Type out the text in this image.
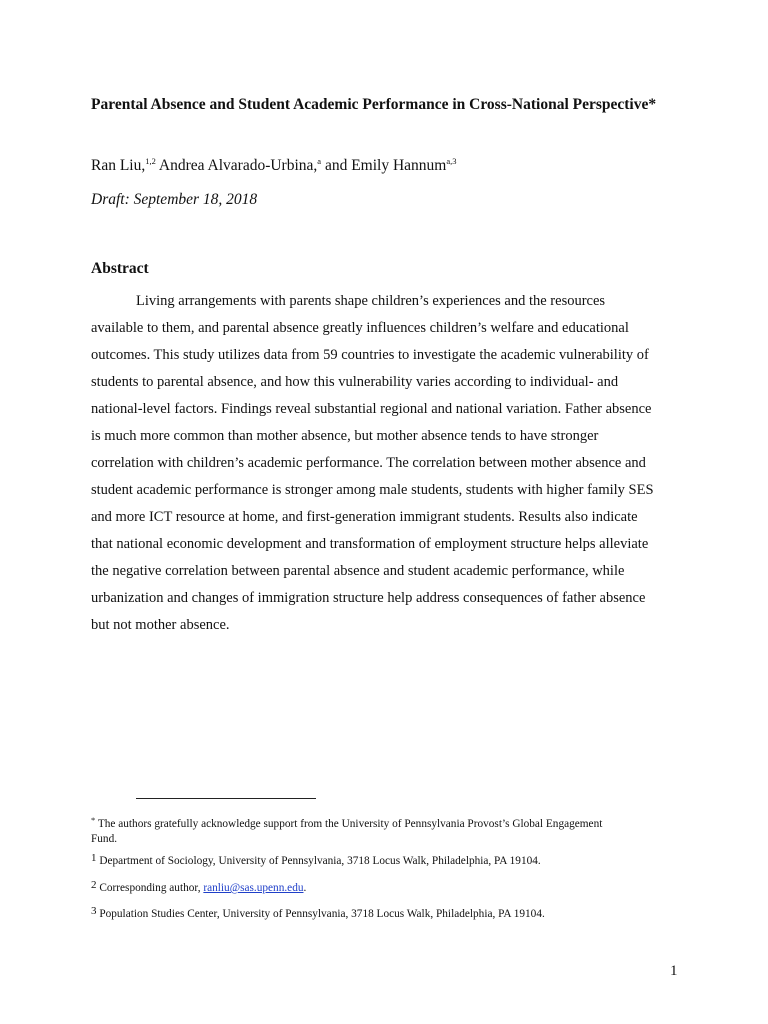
Parental Absence and Student Academic Performance in Cross-National Perspective*
Ran Liu,$^{1,2}$ Andrea Alvarado-Urbina,$^a$ and Emily Hannum$^{a,3}$
Draft: September 18, 2018
Abstract
Living arrangements with parents shape children’s experiences and the resources
available to them, and parental absence greatly influences children’s welfare and educational
outcomes. This study utilizes data from 59 countries to investigate the academic vulnerability of
students to parental absence, and how this vulnerability varies according to individual- and
national-level factors. Findings reveal substantial regional and national variation. Father absence
is much more common than mother absence, but mother absence tends to have stronger
correlation with children’s academic performance. The correlation between mother absence and
student academic performance is stronger among male students, students with higher family SES
and more ICT resource at home, and first-generation immigrant students. Results also indicate
that national economic development and transformation of employment structure helps alleviate
the negative correlation between parental absence and student academic performance, while
urbanization and changes of immigration structure help address consequences of father absence
but not mother absence.
* The authors gratefully acknowledge support from the University of Pennsylvania Provost’s Global Engagement
Fund.
1 Department of Sociology, University of Pennsylvania, 3718 Locus Walk, Philadelphia, PA 19104.
2 Corresponding author, ranliu@sas.upenn.edu.
3 Population Studies Center, University of Pennsylvania, 3718 Locus Walk, Philadelphia, PA 19104.
1
